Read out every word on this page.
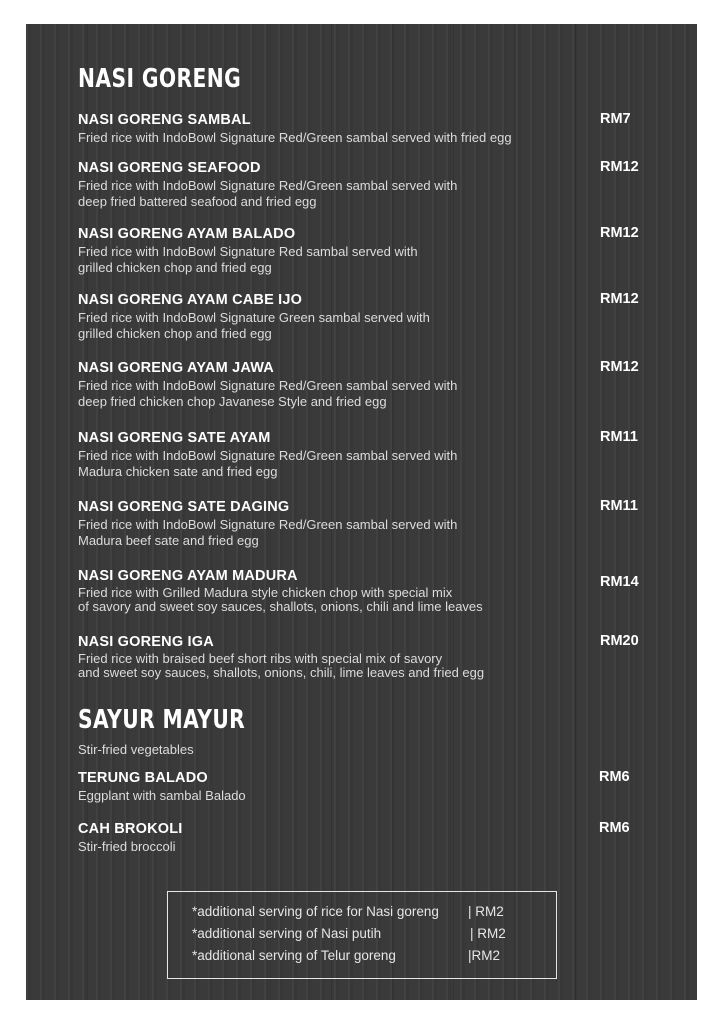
NASI GORENG
NASI GORENG SAMBAL
Fried rice with IndoBowl Signature Red/Green sambal served with fried egg
RM7
NASI GORENG SEAFOOD
Fried rice with IndoBowl Signature Red/Green sambal served with
deep fried battered seafood and fried egg
RM12
NASI GORENG AYAM BALADO
Fried rice with IndoBowl Signature Red sambal served with
grilled chicken chop and fried egg
RM12
NASI GORENG AYAM CABE IJO
Fried rice with IndoBowl Signature Green sambal served with
grilled chicken chop and fried egg
RM12
NASI GORENG AYAM JAWA
Fried rice with IndoBowl Signature Red/Green sambal served with
deep fried chicken chop Javanese Style and fried egg
RM12
NASI GORENG SATE AYAM
Fried rice with IndoBowl Signature Red/Green sambal served with
Madura chicken sate and fried egg
RM11
NASI GORENG SATE DAGING
Fried rice with IndoBowl Signature Red/Green sambal served with
Madura beef sate and fried egg
RM11
NASI GORENG AYAM MADURA
Fried rice with Grilled Madura style chicken chop with special mix
of savory and sweet soy sauces, shallots, onions, chili and lime leaves
RM14
NASI GORENG IGA
Fried rice with braised beef short ribs with special mix of savory
and sweet soy sauces, shallots, onions, chili, lime leaves and fried egg
RM20
SAYUR MAYUR
Stir-fried vegetables
TERUNG BALADO
Eggplant with sambal Balado
RM6
CAH BROKOLI
Stir-fried broccoli
RM6
*additional serving of rice for Nasi goreng | RM2
*additional serving of Nasi putih	| RM2
*additional serving of Telur goreng	|RM2
